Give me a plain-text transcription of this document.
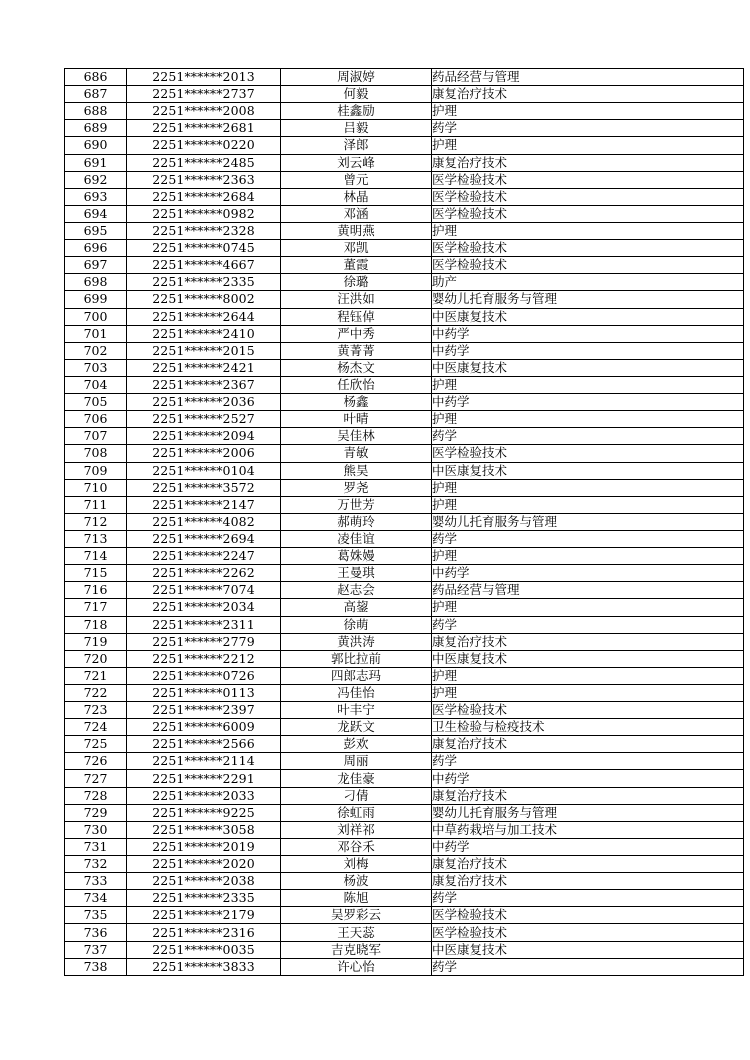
686	2251******2013	周淑婷	药品经营与管理
687	2251******2737	何毅	康复治疗技术
688	2251******2008	桂鑫励	护理
689	2251******2681	吕毅	药学
690	2251******0220	泽郎	护理
691	2251******2485	刘云峰	康复治疗技术
692	2251******2363	曾元	医学检验技术
693	2251******2684	林晶	医学检验技术
694	2251******0982	邓涵	医学检验技术
695	2251******2328	黄明燕	护理
696	2251******0745	邓凯	医学检验技术
697	2251******4667	董霞	医学检验技术
698	2251******2335	徐璐	助产
699	2251******8002	汪洪如	婴幼儿托育服务与管理
700	2251******2644	程钰倬	中医康复技术
701	2251******2410	严中秀	中药学
702	2251******2015	黄菁菁	中药学
703	2251******2421	杨杰文	中医康复技术
704	2251******2367	任欣怡	护理
705	2251******2036	杨鑫	中药学
706	2251******2527	叶晴	护理
707	2251******2094	吴佳林	药学
708	2251******2006	青敏	医学检验技术
709	2251******0104	熊昊	中医康复技术
710	2251******3572	罗尧	护理
711	2251******2147	万世芳	护理
712	2251******4082	郝萌玲	婴幼儿托育服务与管理
713	2251******2694	凌佳谊	药学
714	2251******2247	葛姝嫚	护理
715	2251******2262	王曼琪	中药学
716	2251******7074	赵志会	药品经营与管理
717	2251******2034	高鋆	护理
718	2251******2311	徐萌	药学
719	2251******2779	黄洪涛	康复治疗技术
720	2251******2212	郭比拉前	中医康复技术
721	2251******0726	四郎志玛	护理
722	2251******0113	冯佳怡	护理
723	2251******2397	叶丰宁	医学检验技术
724	2251******6009	龙跃文	卫生检验与检疫技术
725	2251******2566	彭欢	康复治疗技术
726	2251******2114	周丽	药学
727	2251******2291	龙佳豪	中药学
728	2251******2033	刁倩	康复治疗技术
729	2251******9225	徐虹雨	婴幼儿托育服务与管理
730	2251******3058	刘祥祁	中草药栽培与加工技术
731	2251******2019	邓谷禾	中药学
732	2251******2020	刘梅	康复治疗技术
733	2251******2038	杨波	康复治疗技术
734	2251******2335	陈旭	药学
735	2251******2179	吴罗彩云	医学检验技术
736	2251******2316	王天蕊	医学检验技术
737	2251******0035	吉克晓军	中医康复技术
738	2251******3833	许心怡	药学
